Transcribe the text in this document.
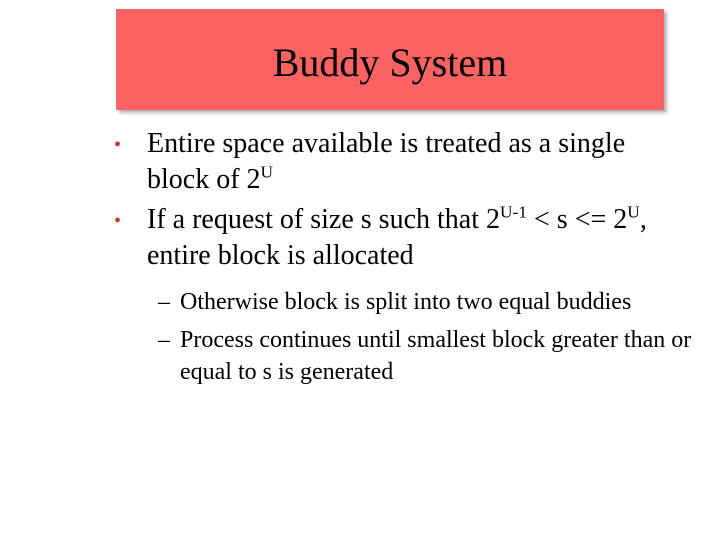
Buddy System
• Entire space available is treated as a single block of $2^U$
• If a request of size s such that $2^{U-1} < s <= 2^U$, entire block is allocated
– Otherwise block is split into two equal buddies
– Process continues until smallest block greater than or equal to s is generated
